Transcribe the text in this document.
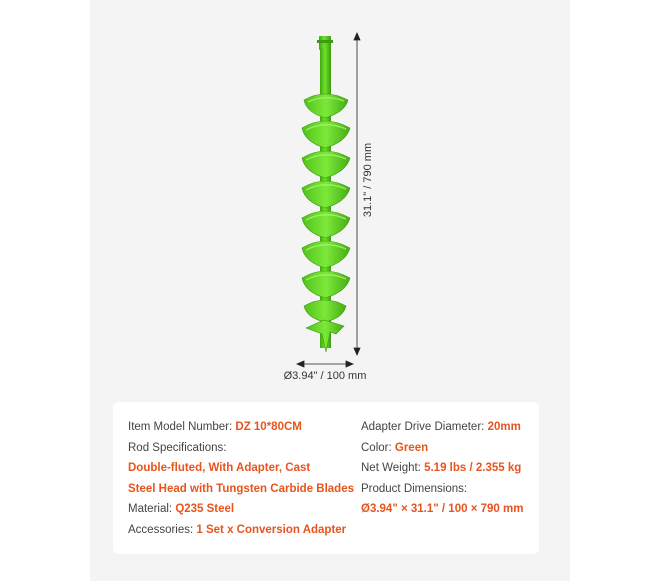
31.1" / 790 mm
Ø3.94" / 100 mm
Item Model Number: DZ 10*80CM
Rod Specifications:
Double-fluted, With Adapter, Cast
Steel Head with Tungsten Carbide Blades
Material: Q235 Steel
Accessories: 1 Set x Conversion Adapter
Adapter Drive Diameter: 20mm
Color: Green
Net Weight: 5.19 lbs / 2.355 kg
Product Dimensions:
Ø3.94" × 31.1" / 100 × 790 mm
